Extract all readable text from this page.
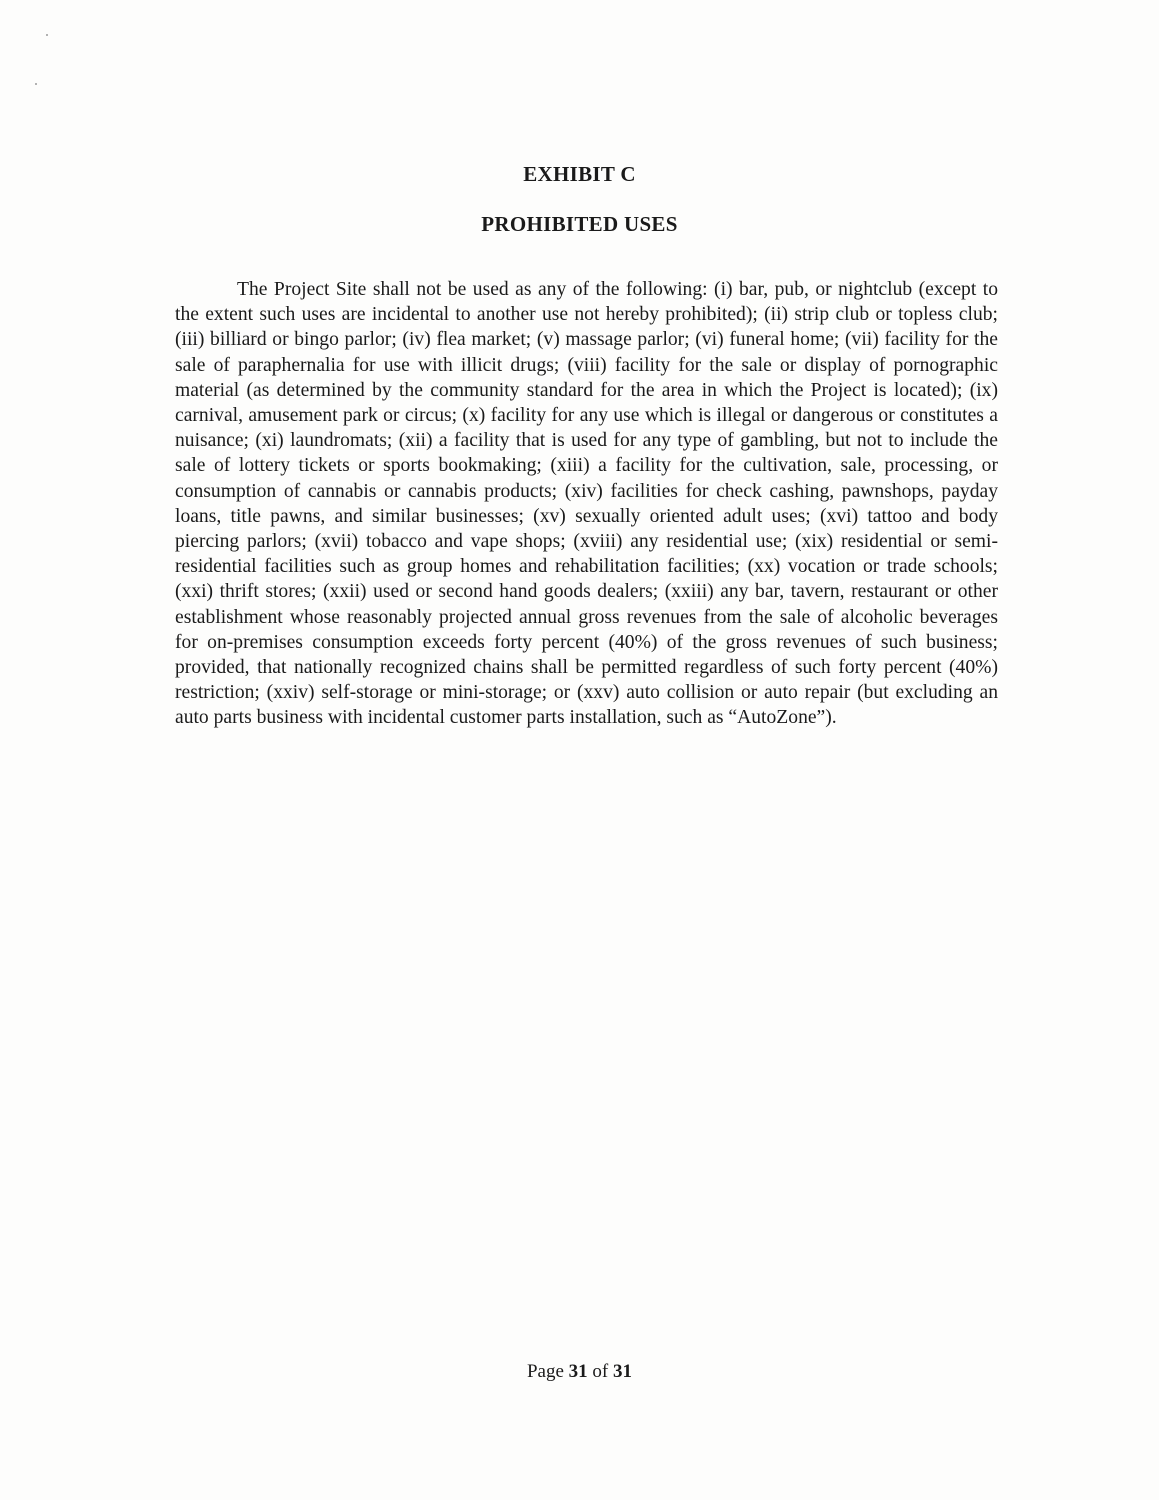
EXHIBIT C
PROHIBITED USES

The Project Site shall not be used as any of the following: (i) bar, pub, or nightclub (except to the extent such uses are incidental to another use not hereby prohibited); (ii) strip club or topless club; (iii) billiard or bingo parlor; (iv) flea market; (v) massage parlor; (vi) funeral home; (vii) facility for the sale of paraphernalia for use with illicit drugs; (viii) facility for the sale or display of pornographic material (as determined by the community standard for the area in which the Project is located); (ix) carnival, amusement park or circus; (x) facility for any use which is illegal or dangerous or constitutes a nuisance; (xi) laundromats; (xii) a facility that is used for any type of gambling, but not to include the sale of lottery tickets or sports bookmaking; (xiii) a facility for the cultivation, sale, processing, or consumption of cannabis or cannabis products; (xiv) facilities for check cashing, pawnshops, payday loans, title pawns, and similar businesses; (xv) sexually oriented adult uses; (xvi) tattoo and body piercing parlors; (xvii) tobacco and vape shops; (xviii) any residential use; (xix) residential or semi-residential facilities such as group homes and rehabilitation facilities; (xx) vocation or trade schools; (xxi) thrift stores; (xxii) used or second hand goods dealers; (xxiii) any bar, tavern, restaurant or other establishment whose reasonably projected annual gross revenues from the sale of alcoholic beverages for on-premises consumption exceeds forty percent (40%) of the gross revenues of such business; provided, that nationally recognized chains shall be permitted regardless of such forty percent (40%) restriction; (xxiv) self-storage or mini-storage; or (xxv) auto collision or auto repair (but excluding an auto parts business with incidental customer parts installation, such as “AutoZone”).

Page 31 of 31
